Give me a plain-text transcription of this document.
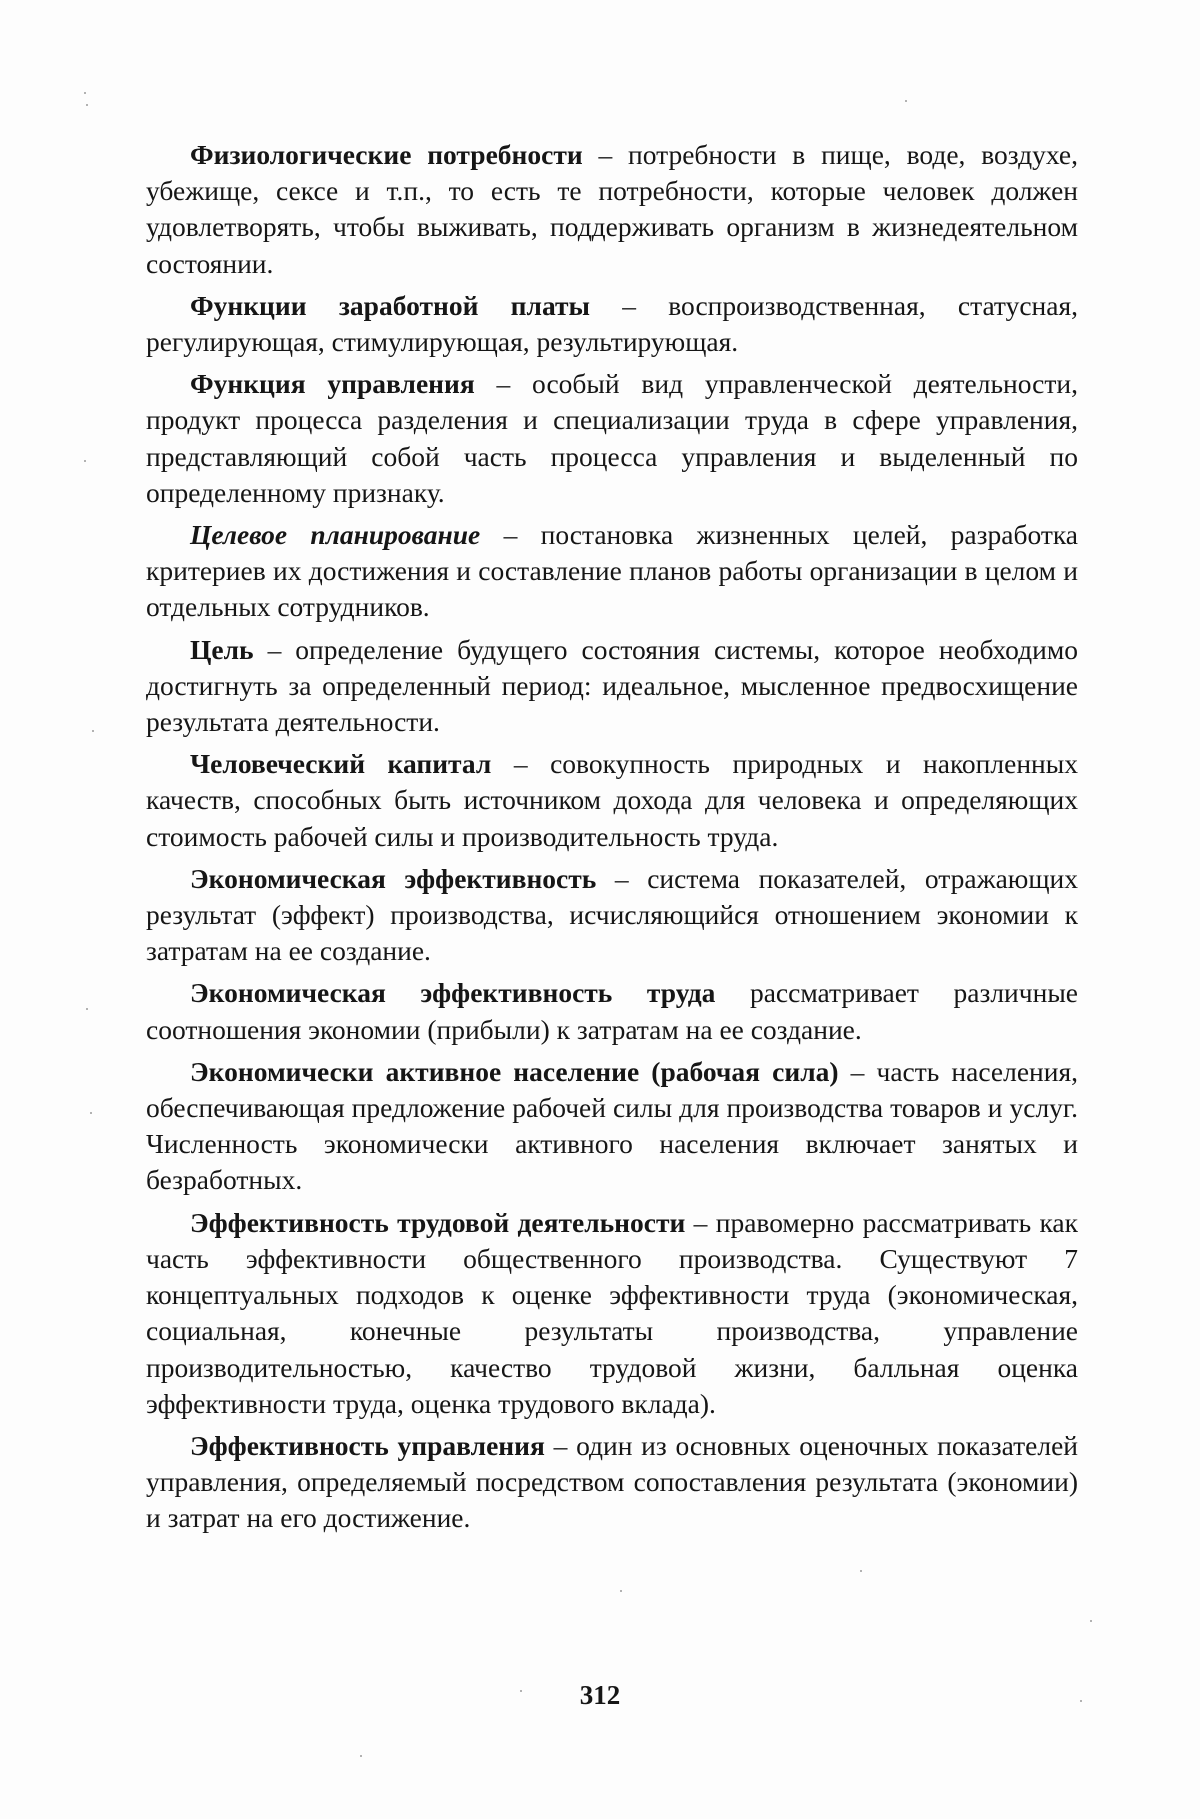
Физиологические потребности – потребности в пище, воде, воздухе, убежище, сексе и т.п., то есть те потребности, которые человек должен удовлетворять, чтобы выживать, поддерживать организм в жизнедеятельном состоянии.

Функции заработной платы – воспроизводственная, статусная, регулирующая, стимулирующая, результирующая.

Функция управления – особый вид управленческой деятельности, продукт процесса разделения и специализации труда в сфере управления, представляющий собой часть процесса управления и выделенный по определенному признаку.

Целевое планирование – постановка жизненных целей, разработка критериев их достижения и составление планов работы организации в целом и отдельных сотрудников.

Цель – определение будущего состояния системы, которое необходимо достигнуть за определенный период: идеальное, мысленное предвосхищение результата деятельности.

Человеческий капитал – совокупность природных и накопленных качеств, способных быть источником дохода для человека и определяющих стоимость рабочей силы и производительность труда.

Экономическая эффективность – система показателей, отражающих результат (эффект) производства, исчисляющийся отношением экономии к затратам на ее создание.

Экономическая эффективность труда рассматривает различные соотношения экономии (прибыли) к затратам на ее создание.

Экономически активное население (рабочая сила) – часть населения, обеспечивающая предложение рабочей силы для производства товаров и услуг. Численность экономически активного населения включает занятых и безработных.

Эффективность трудовой деятельности – правомерно рассматривать как часть эффективности общественного производства. Существуют 7 концептуальных подходов к оценке эффективности труда (экономическая, социальная, конечные результаты производства, управление производительностью, качество трудовой жизни, балльная оценка эффективности труда, оценка трудового вклада).

Эффективность управления – один из основных оценочных показателей управления, определяемый посредством сопоставления результата (экономии) и затрат на его достижение.

312
